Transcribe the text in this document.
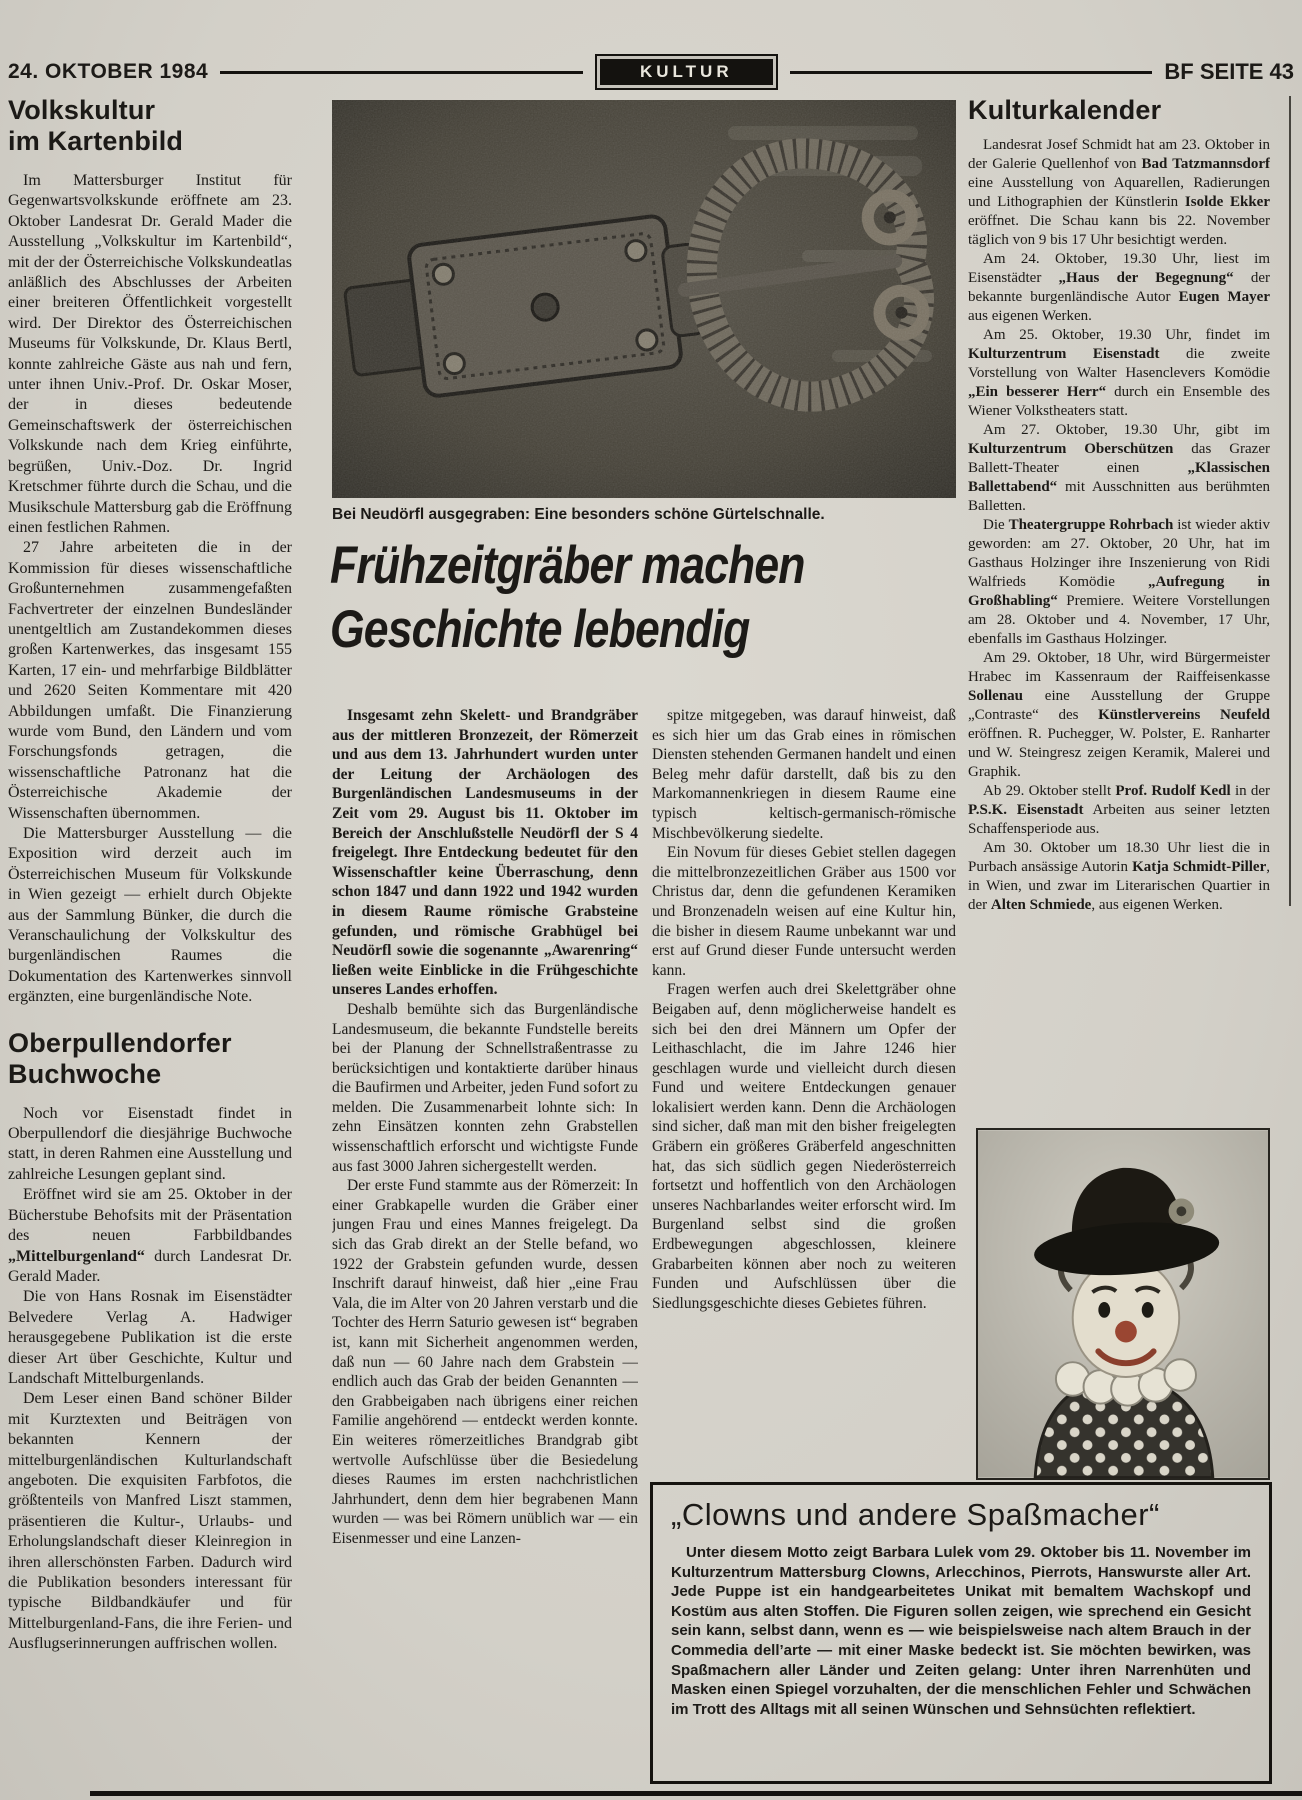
24. OKTOBER 1984	KULTUR	BF SEITE 43
Volkskultur
im Kartenbild

Im Mattersburger Institut für Gegenwartsvolkskunde eröffnete am 23. Oktober Landesrat Dr. Gerald Mader die Ausstellung „Volkskultur im Kartenbild“, mit der der Österreichische Volkskundeatlas anläßlich des Abschlusses der Arbeiten einer breiteren Öffentlichkeit vorgestellt wird. Der Direktor des Österreichischen Museums für Volkskunde, Dr. Klaus Bertl, konnte zahlreiche Gäste aus nah und fern, unter ihnen Univ.-Prof. Dr. Oskar Moser, der in dieses bedeutende Gemeinschaftswerk der österreichischen Volkskunde nach dem Krieg einführte, begrüßen, Univ.-Doz. Dr. Ingrid Kretschmer führte durch die Schau, und die Musikschule Mattersburg gab die Eröffnung einen festlichen Rahmen.

27 Jahre arbeiteten die in der Kommission für dieses wissenschaftliche Großunternehmen zusammengefaßten Fachvertreter der einzelnen Bundesländer unentgeltlich am Zustandekommen dieses großen Kartenwerkes, das insgesamt 155 Karten, 17 ein- und mehrfarbige Bildblätter und 2620 Seiten Kommentare mit 420 Abbildungen umfaßt. Die Finanzierung wurde vom Bund, den Ländern und vom Forschungsfonds getragen, die wissenschaftliche Patronanz hat die Österreichische Akademie der Wissenschaften übernommen.

Die Mattersburger Ausstellung — die Exposition wird derzeit auch im Österreichischen Museum für Volkskunde in Wien gezeigt — erhielt durch Objekte aus der Sammlung Bünker, die durch die Veranschaulichung der Volkskultur des burgenländischen Raumes die Dokumentation des Kartenwerkes sinnvoll ergänzten, eine burgenländische Note.

Oberpullendorfer
Buchwoche

Noch vor Eisenstadt findet in Oberpullendorf die diesjährige Buchwoche statt, in deren Rahmen eine Ausstellung und zahlreiche Lesungen geplant sind.

Eröffnet wird sie am 25. Oktober in der Bücherstube Behofsits mit der Präsentation des neuen Farbbildbandes „Mittelburgenland“ durch Landesrat Dr. Gerald Mader.

Die von Hans Rosnak im Eisenstädter Belvedere Verlag A. Hadwiger herausgegebene Publikation ist die erste dieser Art über Geschichte, Kultur und Landschaft Mittelburgenlands.

Dem Leser einen Band schöner Bilder mit Kurztexten und Beiträgen von bekannten Kennern der mittelburgenländischen Kulturlandschaft angeboten. Die exquisiten Farbfotos, die größtenteils von Manfred Liszt stammen, präsentieren die Kultur-, Urlaubs- und Erholungslandschaft dieser Kleinregion in ihren allerschönsten Farben. Dadurch wird die Publikation besonders interessant für typische Bildbandkäufer und für Mittelburgenland-Fans, die ihre Ferien- und Ausflugserinnerungen auffrischen wollen.

Bei Neudörfl ausgegraben: Eine besonders schöne Gürtelschnalle.
Frühzeitgräber machen
Geschichte lebendig

Insgesamt zehn Skelett- und Brandgräber aus der mittleren Bronzezeit, der Römerzeit und aus dem 13. Jahrhundert wurden unter der Leitung der Archäologen des Burgenländischen Landesmuseums in der Zeit vom 29. August bis 11. Oktober im Bereich der Anschlußstelle Neudörfl der S 4 freigelegt. Ihre Entdeckung bedeutet für den Wissenschaftler keine Überraschung, denn schon 1847 und dann 1922 und 1942 wurden in diesem Raume römische Grabsteine gefunden, und römische Grabhügel bei Neudörfl sowie die sogenannte „Awarenring“ ließen weite Einblicke in die Frühgeschichte unseres Landes erhoffen.

Deshalb bemühte sich das Burgenländische Landesmuseum, die bekannte Fundstelle bereits bei der Planung der Schnellstraßentrasse zu berücksichtigen und kontaktierte darüber hinaus die Baufirmen und Arbeiter, jeden Fund sofort zu melden. Die Zusammenarbeit lohnte sich: In zehn Einsätzen konnten zehn Grabstellen wissenschaftlich erforscht und wichtigste Funde aus fast 3000 Jahren sichergestellt werden.

Der erste Fund stammte aus der Römerzeit: In einer Grabkapelle wurden die Gräber einer jungen Frau und eines Mannes freigelegt. Da sich das Grab direkt an der Stelle befand, wo 1922 der Grabstein gefunden wurde, dessen Inschrift darauf hinweist, daß hier „eine Frau Vala, die im Alter von 20 Jahren verstarb und die Tochter des Herrn Saturio gewesen ist“ begraben ist, kann mit Sicherheit angenommen werden, daß nun — 60 Jahre nach dem Grabstein — endlich auch das Grab der beiden Genannten — den Grabbeigaben nach übrigens einer reichen Familie angehörend — entdeckt werden konnte. Ein weiteres römerzeitliches Brandgrab gibt wertvolle Aufschlüsse über die Besiedelung dieses Raumes im ersten nachchristlichen Jahrhundert, denn dem hier begrabenen Mann wurden — was bei Römern unüblich war — ein Eisenmesser und eine Lanzen-

spitze mitgegeben, was darauf hinweist, daß es sich hier um das Grab eines in römischen Diensten stehenden Germanen handelt und einen Beleg mehr dafür darstellt, daß bis zu den Markomannenkriegen in diesem Raume eine typisch keltisch-germanisch-römische Mischbevölkerung siedelte.

Ein Novum für dieses Gebiet stellen dagegen die mittelbronzezeitlichen Gräber aus 1500 vor Christus dar, denn die gefundenen Keramiken und Bronzenadeln weisen auf eine Kultur hin, die bisher in diesem Raume unbekannt war und erst auf Grund dieser Funde untersucht werden kann.

Fragen werfen auch drei Skelettgräber ohne Beigaben auf, denn möglicherweise handelt es sich bei den drei Männern um Opfer der Leithaschlacht, die im Jahre 1246 hier geschlagen wurde und vielleicht durch diesen Fund und weitere Entdeckungen genauer lokalisiert werden kann. Denn die Archäologen sind sicher, daß man mit den bisher freigelegten Gräbern ein größeres Gräberfeld angeschnitten hat, das sich südlich gegen Niederösterreich fortsetzt und hoffentlich von den Archäologen unseres Nachbarlandes weiter erforscht wird. Im Burgenland selbst sind die großen Erdbewegungen abgeschlossen, kleinere Grabarbeiten können aber noch zu weiteren Funden und Aufschlüssen über die Siedlungsgeschichte dieses Gebietes führen.

Kulturkalender

Landesrat Josef Schmidt hat am 23. Oktober in der Galerie Quellenhof von Bad Tatzmannsdorf eine Ausstellung von Aquarellen, Radierungen und Lithographien der Künstlerin Isolde Ekker eröffnet. Die Schau kann bis 22. November täglich von 9 bis 17 Uhr besichtigt werden.

Am 24. Oktober, 19.30 Uhr, liest im Eisenstädter „Haus der Begegnung“ der bekannte burgenländische Autor Eugen Mayer aus eigenen Werken.

Am 25. Oktober, 19.30 Uhr, findet im Kulturzentrum Eisenstadt die zweite Vorstellung von Walter Hasenclevers Komödie „Ein besserer Herr“ durch ein Ensemble des Wiener Volkstheaters statt.

Am 27. Oktober, 19.30 Uhr, gibt im Kulturzentrum Oberschützen das Grazer Ballett-Theater einen „Klassischen Ballettabend“ mit Ausschnitten aus berühmten Balletten.

Die Theatergruppe Rohrbach ist wieder aktiv geworden: am 27. Oktober, 20 Uhr, hat im Gasthaus Holzinger ihre Inszenierung von Ridi Walfrieds Komödie „Aufregung in Großhabling“ Premiere. Weitere Vorstellungen am 28. Oktober und 4. November, 17 Uhr, ebenfalls im Gasthaus Holzinger.

Am 29. Oktober, 18 Uhr, wird Bürgermeister Hrabec im Kassenraum der Raiffeisenkasse Sollenau eine Ausstellung der Gruppe „Contraste“ des Künstlervereins Neufeld eröffnen. R. Puchegger, W. Polster, E. Ranharter und W. Steingresz zeigen Keramik, Malerei und Graphik.

Ab 29. Oktober stellt Prof. Rudolf Kedl in der P.S.K. Eisenstadt Arbeiten aus seiner letzten Schaffensperiode aus.

Am 30. Oktober um 18.30 Uhr liest die in Purbach ansässige Autorin Katja Schmidt-Piller, in Wien, und zwar im Literarischen Quartier in der Alten Schmiede, aus eigenen Werken.

„Clowns und andere Spaßmacher“

Unter diesem Motto zeigt Barbara Lulek vom 29. Oktober bis 11. November im Kulturzentrum Mattersburg Clowns, Arlecchinos, Pierrots, Hanswurste aller Art. Jede Puppe ist ein handgearbeitetes Unikat mit bemaltem Wachskopf und Kostüm aus alten Stoffen. Die Figuren sollen zeigen, wie sprechend ein Gesicht sein kann, selbst dann, wenn es — wie beispielsweise nach altem Brauch in der Commedia dell’arte — mit einer Maske bedeckt ist. Sie möchten bewirken, was Spaßmachern aller Länder und Zeiten gelang: Unter ihren Narrenhüten und Masken einen Spiegel vorzuhalten, der die menschlichen Fehler und Schwächen im Trott des Alltags mit all seinen Wünschen und Sehnsüchten reflektiert.
